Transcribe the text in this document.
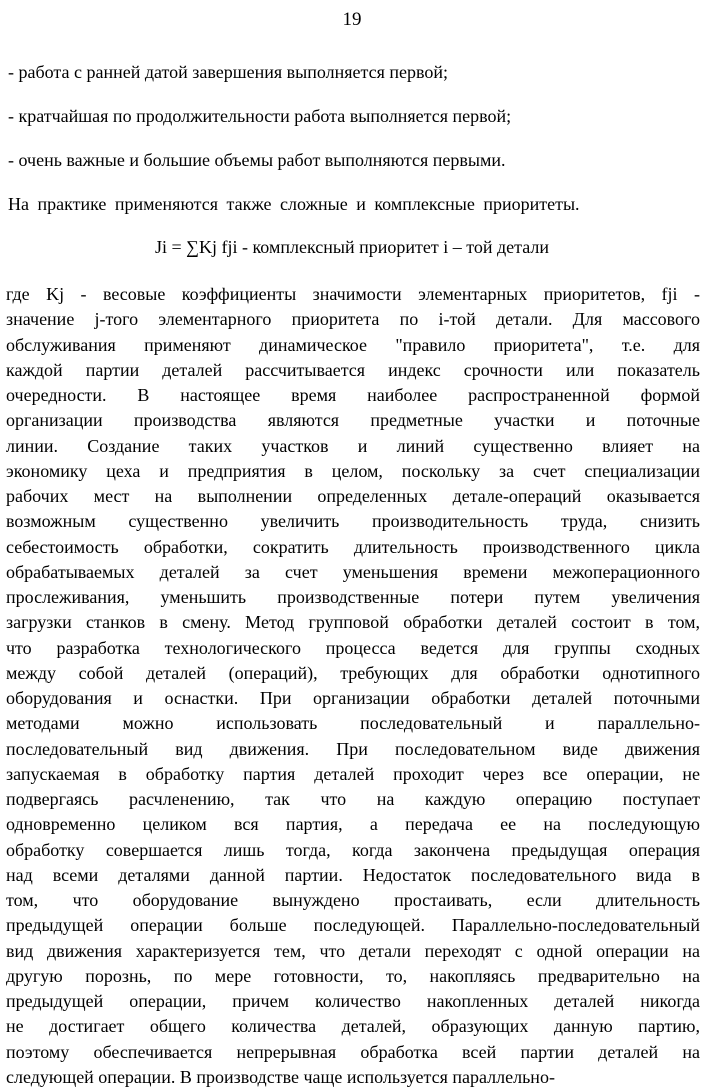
19
- работа с ранней датой завершения выполняется первой;
- кратчайшая по продолжительности работа выполняется первой;
- очень важные и большие объемы работ выполняются первыми.
На практике применяются также сложные и комплексные приоритеты.
Ji = ∑Kj fji - комплексный приоритет i – той детали
где Kj - весовые коэффициенты значимости элементарных приоритетов, fji -
значение j-того элементарного приоритета по i-той детали. Для массового
обслуживания применяют динамическое "правило приоритета", т.е. для
каждой партии деталей рассчитывается индекс срочности или показатель
очередности. В настоящее время наиболее распространенной формой
организации производства являются предметные участки и поточные
линии. Создание таких участков и линий существенно влияет на
экономику цеха и предприятия в целом, поскольку за счет специализации
рабочих мест на выполнении определенных детале-операций оказывается
возможным существенно увеличить производительность труда, снизить
себестоимость обработки, сократить длительность производственного цикла
обрабатываемых деталей за счет уменьшения времени межоперационного
прослеживания, уменьшить производственные потери путем увеличения
загрузки станков в смену. Метод групповой обработки деталей состоит в том,
что разработка технологического процесса ведется для группы сходных
между собой деталей (операций), требующих для обработки однотипного
оборудования и оснастки. При организации обработки деталей поточными
методами можно использовать последовательный и параллельно-
последовательный вид движения. При последовательном виде движения
запускаемая в обработку партия деталей проходит через все операции, не
подвергаясь расчленению, так что на каждую операцию поступает
одновременно целиком вся партия, а передача ее на последующую
обработку совершается лишь тогда, когда закончена предыдущая операция
над всеми деталями данной партии. Недостаток последовательного вида в
том, что оборудование вынуждено простаивать, если длительность
предыдущей операции больше последующей. Параллельно-последовательный
вид движения характеризуется тем, что детали переходят с одной операции на
другую порознь, по мере готовности, то, накопляясь предварительно на
предыдущей операции, причем количество накопленных деталей никогда
не достигает общего количества деталей, образующих данную партию,
поэтому обеспечивается непрерывная обработка всей партии деталей на
следующей операции. В производстве чаще используется параллельно-
